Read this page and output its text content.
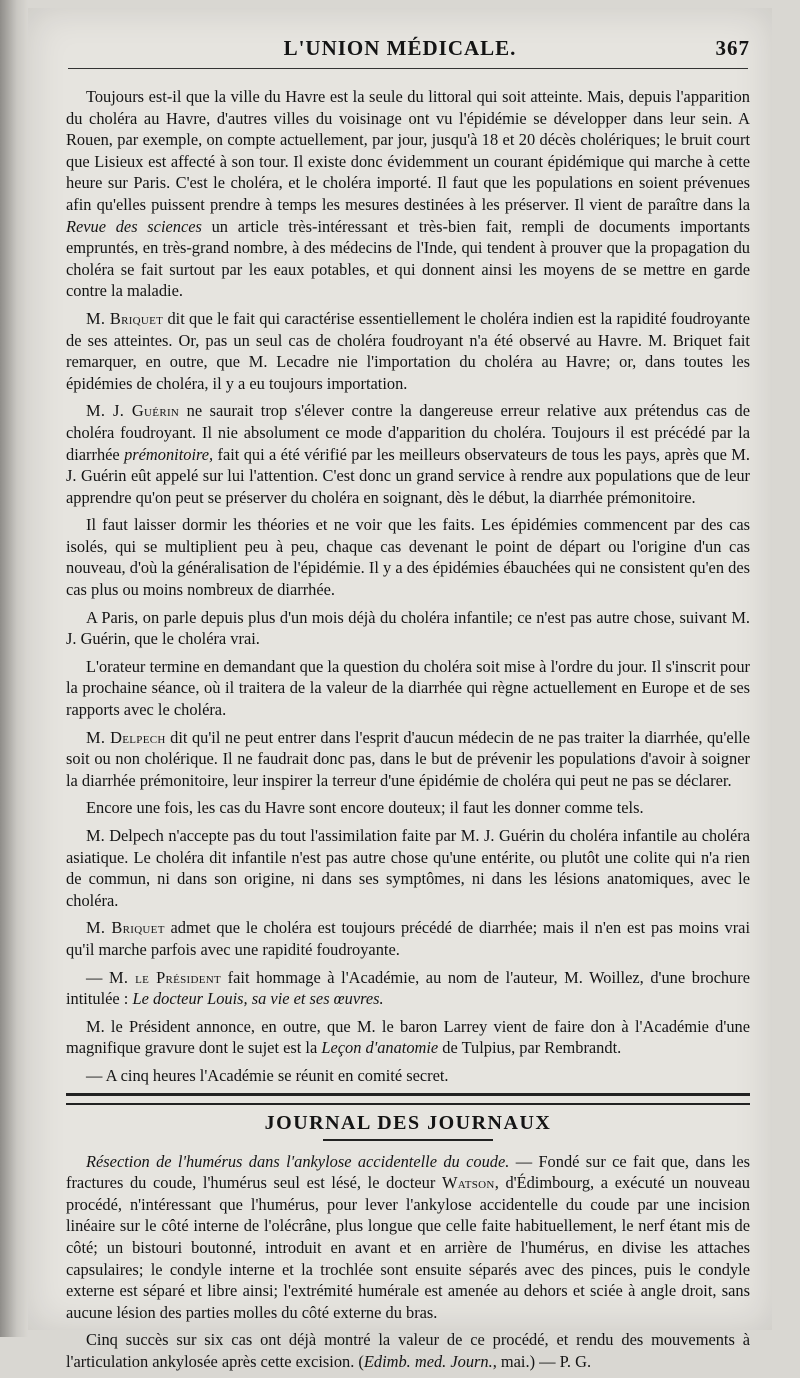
L'UNION MÉDICALE.	367

Toujours est-il que la ville du Havre est la seule du littoral qui soit atteinte. Mais, depuis l'apparition du choléra au Havre, d'autres villes du voisinage ont vu l'épidémie se développer dans leur sein. A Rouen, par exemple, on compte actuellement, par jour, jusqu'à 18 et 20 décès cholériques; le bruit court que Lisieux est affecté à son tour. Il existe donc évidemment un courant épidémique qui marche à cette heure sur Paris. C'est le choléra, et le choléra importé. Il faut que les populations en soient prévenues afin qu'elles puissent prendre à temps les mesures destinées à les préserver. Il vient de paraître dans la Revue des sciences un article très-intéressant et très-bien fait, rempli de documents importants empruntés, en très-grand nombre, à des médecins de l'Inde, qui tendent à prouver que la propagation du choléra se fait surtout par les eaux potables, et qui donnent ainsi les moyens de se mettre en garde contre la maladie.

M. Briquet dit que le fait qui caractérise essentiellement le choléra indien est la rapidité foudroyante de ses atteintes. Or, pas un seul cas de choléra foudroyant n'a été observé au Havre. M. Briquet fait remarquer, en outre, que M. Lecadre nie l'importation du choléra au Havre; or, dans toutes les épidémies de choléra, il y a eu toujours importation.

M. J. Guérin ne saurait trop s'élever contre la dangereuse erreur relative aux prétendus cas de choléra foudroyant. Il nie absolument ce mode d'apparition du choléra. Toujours il est précédé par la diarrhée prémonitoire, fait qui a été vérifié par les meilleurs observateurs de tous les pays, après que M. J. Guérin eût appelé sur lui l'attention. C'est donc un grand service à rendre aux populations que de leur apprendre qu'on peut se préserver du choléra en soignant, dès le début, la diarrhée prémonitoire.

Il faut laisser dormir les théories et ne voir que les faits. Les épidémies commencent par des cas isolés, qui se multiplient peu à peu, chaque cas devenant le point de départ ou l'origine d'un cas nouveau, d'où la généralisation de l'épidémie. Il y a des épidémies ébauchées qui ne consistent qu'en des cas plus ou moins nombreux de diarrhée.

A Paris, on parle depuis plus d'un mois déjà du choléra infantile; ce n'est pas autre chose, suivant M. J. Guérin, que le choléra vrai.

L'orateur termine en demandant que la question du choléra soit mise à l'ordre du jour. Il s'inscrit pour la prochaine séance, où il traitera de la valeur de la diarrhée qui règne actuellement en Europe et de ses rapports avec le choléra.

M. Delpech dit qu'il ne peut entrer dans l'esprit d'aucun médecin de ne pas traiter la diarrhée, qu'elle soit ou non cholérique. Il ne faudrait donc pas, dans le but de prévenir les populations d'avoir à soigner la diarrhée prémonitoire, leur inspirer la terreur d'une épidémie de choléra qui peut ne pas se déclarer.

Encore une fois, les cas du Havre sont encore douteux; il faut les donner comme tels.

M. Delpech n'accepte pas du tout l'assimilation faite par M. J. Guérin du choléra infantile au choléra asiatique. Le choléra dit infantile n'est pas autre chose qu'une entérite, ou plutôt une colite qui n'a rien de commun, ni dans son origine, ni dans ses symptômes, ni dans les lésions anatomiques, avec le choléra.

M. Briquet admet que le choléra est toujours précédé de diarrhée; mais il n'en est pas moins vrai qu'il marche parfois avec une rapidité foudroyante.

— M. le Président fait hommage à l'Académie, au nom de l'auteur, M. Woillez, d'une brochure intitulée : Le docteur Louis, sa vie et ses œuvres.

M. le Président annonce, en outre, que M. le baron Larrey vient de faire don à l'Académie d'une magnifique gravure dont le sujet est la Leçon d'anatomie de Tulpius, par Rembrandt.

— A cinq heures l'Académie se réunit en comité secret.

JOURNAL DES JOURNAUX

Résection de l'humérus dans l'ankylose accidentelle du coude. — Fondé sur ce fait que, dans les fractures du coude, l'humérus seul est lésé, le docteur Watson, d'Édimbourg, a exécuté un nouveau procédé, n'intéressant que l'humérus, pour lever l'ankylose accidentelle du coude par une incision linéaire sur le côté interne de l'olécrâne, plus longue que celle faite habituellement, le nerf étant mis de côté; un bistouri boutonné, introduit en avant et en arrière de l'humérus, en divise les attaches capsulaires; le condyle interne et la trochlée sont ensuite séparés avec des pinces, puis le condyle externe est séparé et libre ainsi; l'extrémité humérale est amenée au dehors et sciée à angle droit, sans aucune lésion des parties molles du côté externe du bras.

Cinq succès sur six cas ont déjà montré la valeur de ce procédé, et rendu des mouvements à l'articulation ankylosée après cette excision. (Edimb. med. Journ., mai.) — P. G.
